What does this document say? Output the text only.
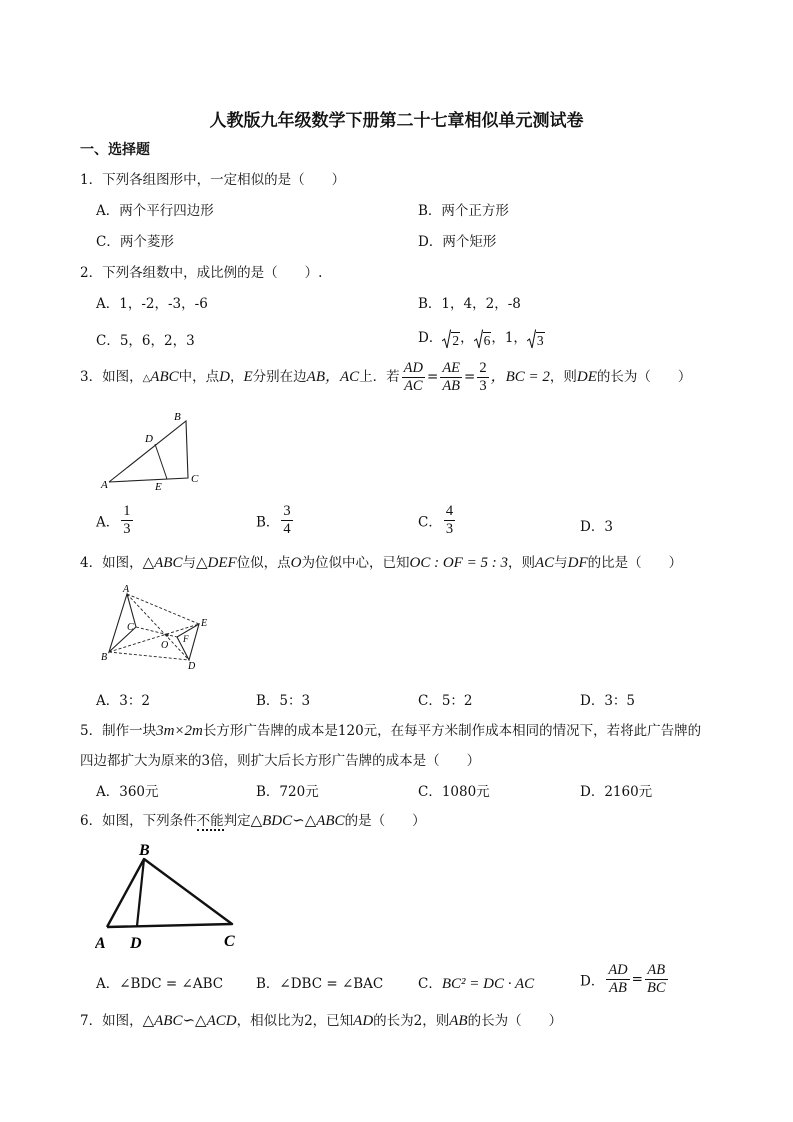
人教版九年级数学下册第二十七章相似单元测试卷
一、选择题
1．下列各组图形中，一定相似的是（　　）
A．两个平行四边形	B．两个正方形
C．两个菱形	D．两个矩形
2．下列各组数中，成比例的是（　　）.
A．1，-2，-3，-6	B．1，4，2，-8
C．5，6，2，3	D． 2 ， 6 ，1， 3
3．如图，△ABC中，点D，E分别在边AB，AC上．若 $\frac{AD}{AC} = \frac{AE}{AB} = \frac{2}{3}$ ，BC = 2，则DE的长为（　　）
B
D
A	E
C
A． $\frac{1}{3}$	B． $\frac{3}{4}$	C． $\frac{4}{3}$	D．3
4．如图，△ABC与△DEF位似，点O为位似中心，已知OC : OF = 5 : 3，则AC与DF的比是（　　）
A
C
O
E
F
B
D
A．3：2	B．5：3	C．5：2	D．3：5
5．制作一块3m×2m长方形广告牌的成本是120元，在每平方米制作成本相同的情况下，若将此广告牌的
四边都扩大为原来的3倍，则扩大后长方形广告牌的成本是（　　）
A．360元	B．720元	C．1080元	D．2160元
6．如图，下列条件不能判定△BDC∽△ABC的是（　　）
B
A D	C
A．∠BDC = ∠ABC B．∠DBC = ∠BAC	C．BC² = DC · AC	D． $\frac{AD}{AB} = \frac{AB}{BC}$
7．如图，△ABC∽△ACD，相似比为2，已知AD的长为2，则AB的长为（　　）
